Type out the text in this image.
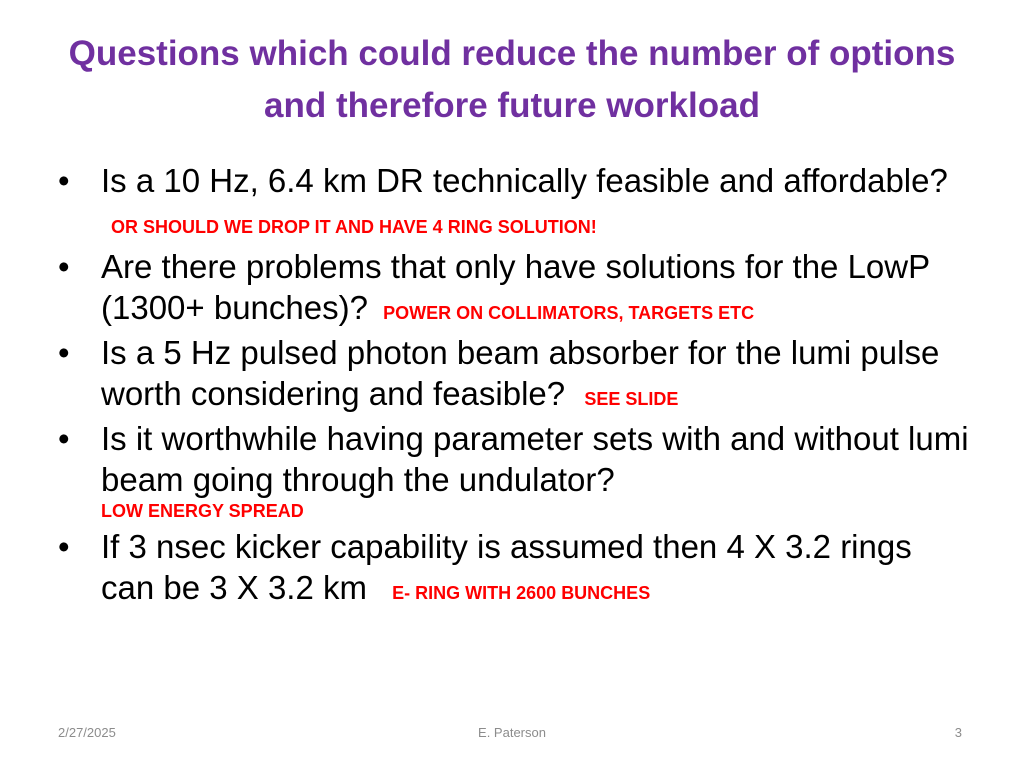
Questions which could reduce the number of options and therefore future workload
• Is a 10 Hz, 6.4 km DR technically feasible and affordable? OR SHOULD WE DROP IT AND HAVE 4 RING SOLUTION!
• Are there problems that only have solutions for the LowP (1300+ bunches)? POWER ON COLLIMATORS, TARGETS ETC
• Is a 5 Hz pulsed photon beam absorber for the lumi pulse worth considering and feasible? SEE SLIDE
• Is it worthwhile having parameter sets with and without lumi beam going through the undulator?
LOW ENERGY SPREAD
• If 3 nsec kicker capability is assumed then 4 X 3.2 rings can be 3 X 3.2 km E- RING WITH 2600 BUNCHES
2/27/2025	E. Paterson	3
